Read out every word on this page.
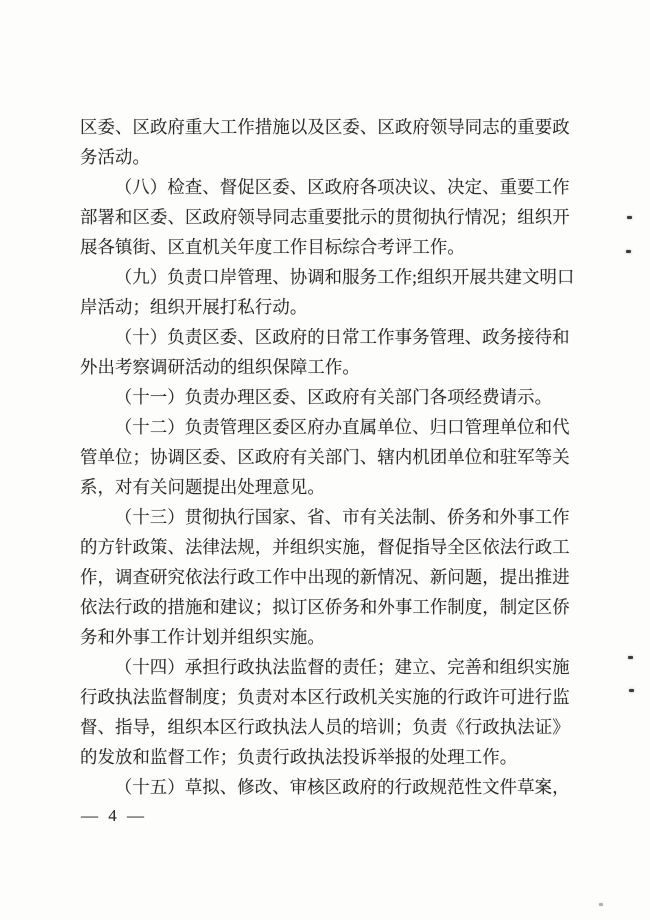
区委、区政府重大工作措施以及区委、区政府领导同志的重要政
务活动。
（八）检查、督促区委、区政府各项决议、决定、重要工作
部署和区委、区政府领导同志重要批示的贯彻执行情况；组织开
展各镇街、区直机关年度工作目标综合考评工作。
（九）负责口岸管理、协调和服务工作;组织开展共建文明口
岸活动；组织开展打私行动。
（十）负责区委、区政府的日常工作事务管理、政务接待和
外出考察调研活动的组织保障工作。
（十一）负责办理区委、区政府有关部门各项经费请示。
（十二）负责管理区委区府办直属单位、归口管理单位和代
管单位；协调区委、区政府有关部门、辖内机团单位和驻军等关
系，对有关问题提出处理意见。
（十三）贯彻执行国家、省、市有关法制、侨务和外事工作
的方针政策、法律法规，并组织实施，督促指导全区依法行政工
作，调查研究依法行政工作中出现的新情况、新问题，提出推进
依法行政的措施和建议；拟订区侨务和外事工作制度，制定区侨
务和外事工作计划并组织实施。
（十四）承担行政执法监督的责任；建立、完善和组织实施
行政执法监督制度；负责对本区行政机关实施的行政许可进行监
督、指导，组织本区行政执法人员的培训；负责《行政执法证》
的发放和监督工作；负责行政执法投诉举报的处理工作。
（十五）草拟、修改、审核区政府的行政规范性文件草案，
— 4 —
